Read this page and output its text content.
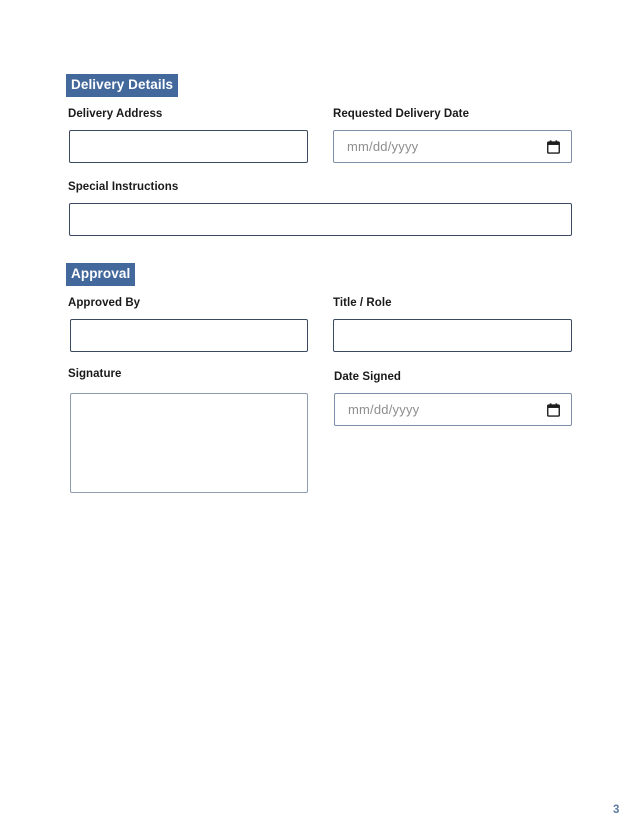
Delivery Details
Delivery Address	Requested Delivery Date
mm/dd/yyyy
Special Instructions
Approval
Approved By	Title / Role
Signature	Date Signed
mm/dd/yyyy
CORELINE	www.coreline.com
3
